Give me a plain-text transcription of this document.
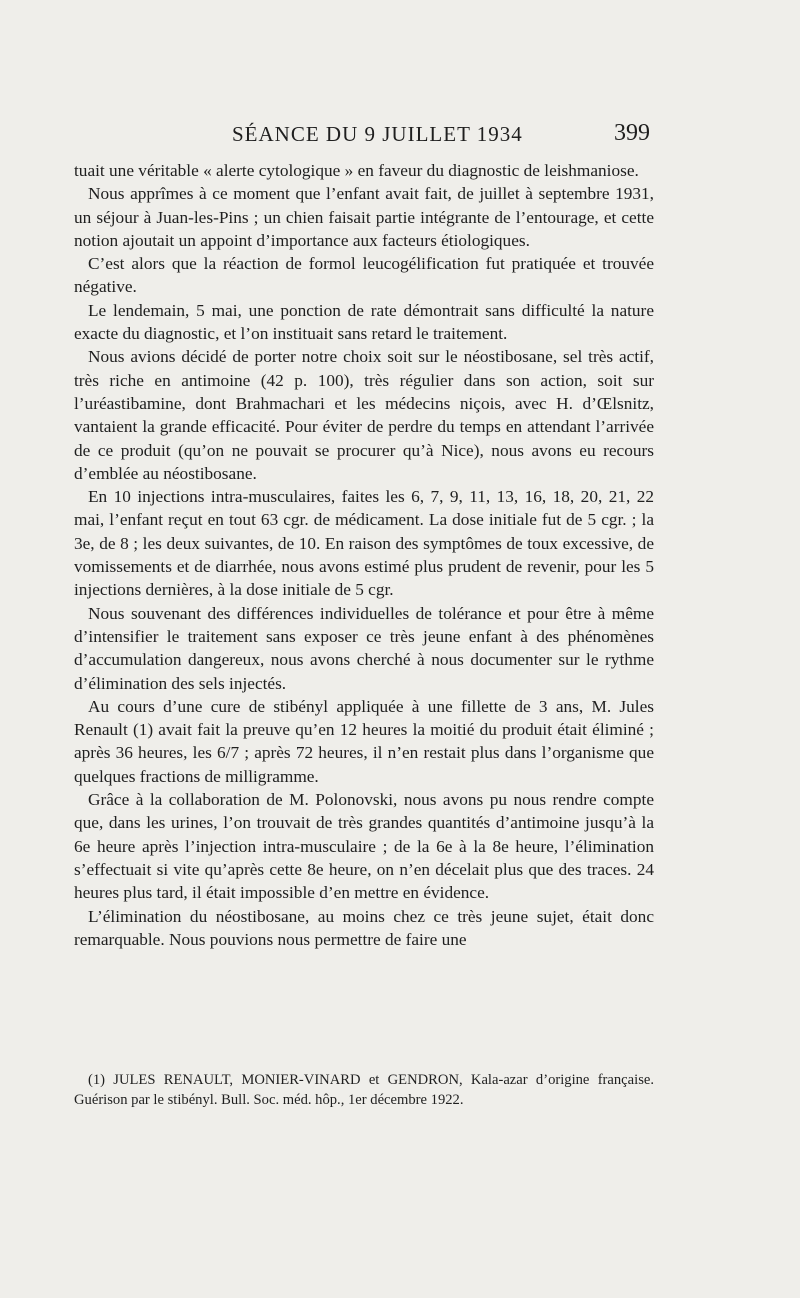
SÉANCE DU 9 JUILLET 1934	399

tuait une véritable « alerte cytologique » en faveur du diagnostic de leishmaniose.

Nous apprîmes à ce moment que l’enfant avait fait, de juillet à septembre 1931, un séjour à Juan-les-Pins ; un chien faisait partie intégrante de l’entourage, et cette notion ajoutait un appoint d’importance aux facteurs étiologiques.

C’est alors que la réaction de formol leucogélification fut pratiquée et trouvée négative.

Le lendemain, 5 mai, une ponction de rate démontrait sans difficulté la nature exacte du diagnostic, et l’on instituait sans retard le traitement.

Nous avions décidé de porter notre choix soit sur le néostibosane, sel très actif, très riche en antimoine (42 p. 100), très régulier dans son action, soit sur l’uréastibamine, dont Brahmachari et les médecins niçois, avec H. d’Œlsnitz, vantaient la grande efficacité. Pour éviter de perdre du temps en attendant l’arrivée de ce produit (qu’on ne pouvait se procurer qu’à Nice), nous avons eu recours d’emblée au néostibosane.

En 10 injections intra-musculaires, faites les 6, 7, 9, 11, 13, 16, 18, 20, 21, 22 mai, l’enfant reçut en tout 63 cgr. de médicament. La dose initiale fut de 5 cgr. ; la 3e, de 8 ; les deux suivantes, de 10. En raison des symptômes de toux excessive, de vomissements et de diarrhée, nous avons estimé plus prudent de revenir, pour les 5 injections dernières, à la dose initiale de 5 cgr.

Nous souvenant des différences individuelles de tolérance et pour être à même d’intensifier le traitement sans exposer ce très jeune enfant à des phénomènes d’accumulation dangereux, nous avons cherché à nous documenter sur le rythme d’élimination des sels injectés.

Au cours d’une cure de stibényl appliquée à une fillette de 3 ans, M. Jules Renault (1) avait fait la preuve qu’en 12 heures la moitié du produit était éliminé ; après 36 heures, les 6/7 ; après 72 heures, il n’en restait plus dans l’organisme que quelques fractions de milligramme.

Grâce à la collaboration de M. Polonovski, nous avons pu nous rendre compte que, dans les urines, l’on trouvait de très grandes quantités d’antimoine jusqu’à la 6e heure après l’injection intra-musculaire ; de la 6e à la 8e heure, l’élimination s’effectuait si vite qu’après cette 8e heure, on n’en décelait plus que des traces. 24 heures plus tard, il était impossible d’en mettre en évidence.

L’élimination du néostibosane, au moins chez ce très jeune sujet, était donc remarquable. Nous pouvions nous permettre de faire une

(1) JULES RENAULT, MONIER-VINARD et GENDRON, Kala-azar d’origine française. Guérison par le stibényl. Bull. Soc. méd. hôp., 1er décembre 1922.
